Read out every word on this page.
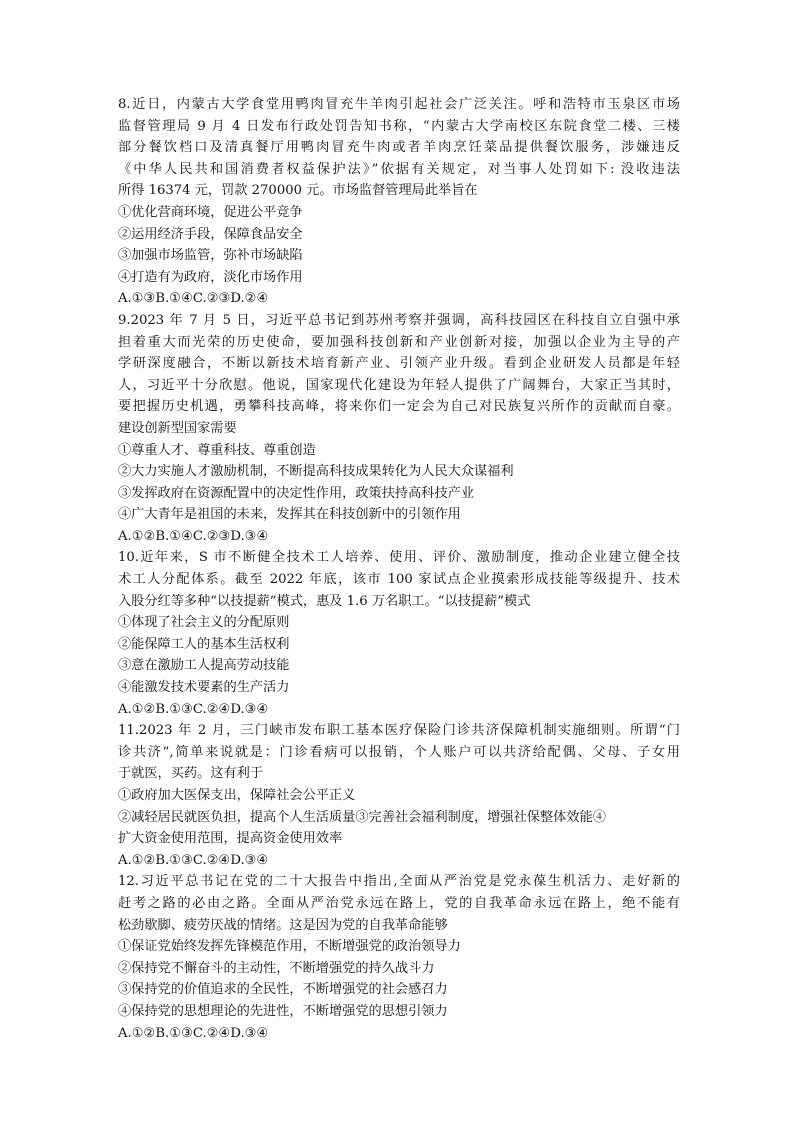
8.近日，内蒙古大学食堂用鸭肉冒充牛羊肉引起社会广泛关注。呼和浩特市玉泉区市场
监督管理局 9 月 4 日发布行政处罚告知书称，“内蒙古大学南校区东院食堂二楼、三楼
部分餐饮档口及清真餐厅用鸭肉冒充牛肉或者羊肉烹饪菜品提供餐饮服务，涉嫌违反
《中华人民共和国消费者权益保护法》”依据有关规定，对当事人处罚如下: 没收违法
所得 16374 元，罚款 270000 元。市场监督管理局此举旨在
①优化营商环境，促进公平竞争
②运用经济手段，保障食品安全
③加强市场监管，弥补市场缺陷
④打造有为政府，淡化市场作用
A.①③B.①④C.②③D.②④
9.2023 年 7 月 5 日，习近平总书记到苏州考察并强调，高科技园区在科技自立自强中承
担着重大而光荣的历史使命，要加强科技创新和产业创新对接，加强以企业为主导的产
学研深度融合，不断以新技术培育新产业、引领产业升级。看到企业研发人员都是年轻
人，习近平十分欣慰。他说，国家现代化建设为年轻人提供了广阔舞台，大家正当其时，
要把握历史机遇，勇攀科技高峰，将来你们一定会为自己对民族复兴所作的贡献而自豪。
建设创新型国家需要
①尊重人才、尊重科技、尊重创造
②大力实施人才激励机制，不断提高科技成果转化为人民大众谋福利
③发挥政府在资源配置中的决定性作用，政策扶持高科技产业
④广大青年是祖国的未来，发挥其在科技创新中的引领作用
A.①②B.①④C.②③D.③④
10.近年来，S 市不断健全技术工人培养、使用、评价、激励制度，推动企业建立健全技
术工人分配体系。截至 2022 年底，该市 100 家试点企业摸索形成技能等级提升、技术
入股分红等多种“以技提薪”模式，惠及 1.6 万名职工。“以技提薪”模式
①体现了社会主义的分配原则
②能保障工人的基本生活权利
③意在激励工人提高劳动技能
④能激发技术要素的生产活力
A.①②B.①③C.②④D.③④
11.2023 年 2 月，三门峡市发布职工基本医疗保险门诊共济保障机制实施细则。所谓“门
诊共济”,简单来说就是：门诊看病可以报销，个人账户可以共济给配偶、父母、子女用
于就医，买药。这有利于
①政府加大医保支出，保障社会公平正义
②减轻居民就医负担，提高个人生活质量③完善社会福利制度，增强社保整体效能④
扩大资金使用范围，提高资金使用效率
A.①②B.①③C.②④D.③④
12.习近平总书记在党的二十大报告中指出,全面从严治党是党永葆生机活力、走好新的
赶考之路的必由之路。全面从严治党永远在路上，党的自我革命永远在路上，绝不能有
松劲歇脚、疲劳厌战的情绪。这是因为党的自我革命能够
①保证党始终发挥先锋模范作用，不断增强党的政治领导力
②保持党不懈奋斗的主动性，不断增强党的持久战斗力
③保持党的价值追求的全民性，不断增强党的社会感召力
④保持党的思想理论的先进性，不断增强党的思想引领力
A.①②B.①③C.②④D.③④
